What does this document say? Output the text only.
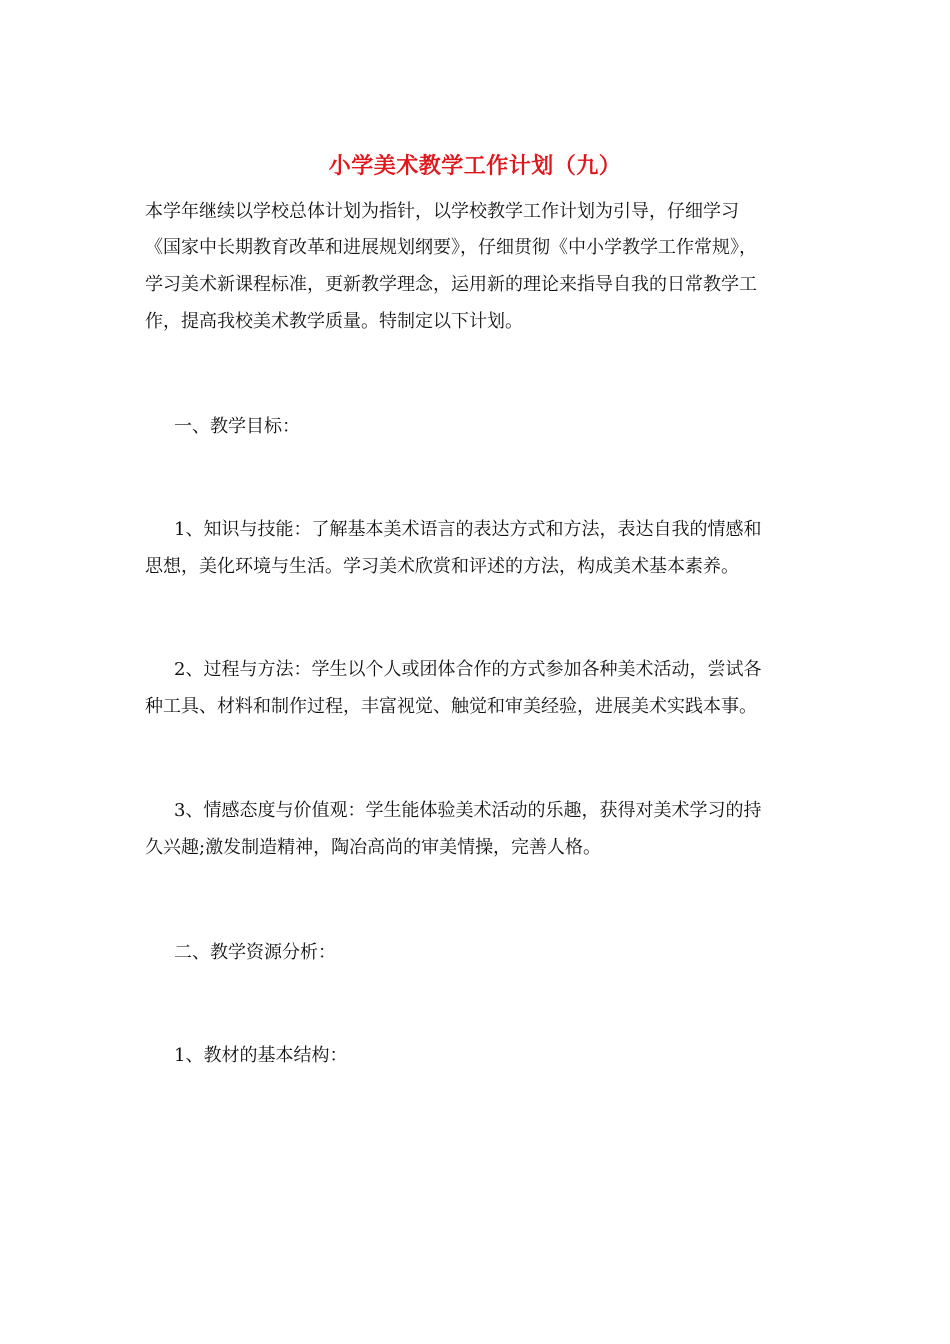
小学美术教学工作计划（九）
本学年继续以学校总体计划为指针，以学校教学工作计划为引导，仔细学习
《国家中长期教育改革和进展规划纲要》，仔细贯彻《中小学教学工作常规》，
学习美术新课程标准，更新教学理念，运用新的理论来指导自我的日常教学工
作，提高我校美术教学质量。特制定以下计划。
一、教学目标：
1、知识与技能：了解基本美术语言的表达方式和方法，表达自我的情感和
思想，美化环境与生活。学习美术欣赏和评述的方法，构成美术基本素养。
2、过程与方法：学生以个人或团体合作的方式参加各种美术活动，尝试各
种工具、材料和制作过程，丰富视觉、触觉和审美经验，进展美术实践本事。
3、情感态度与价值观：学生能体验美术活动的乐趣，获得对美术学习的持
久兴趣;激发制造精神，陶冶高尚的审美情操，完善人格。
二、教学资源分析：
1、教材的基本结构：
